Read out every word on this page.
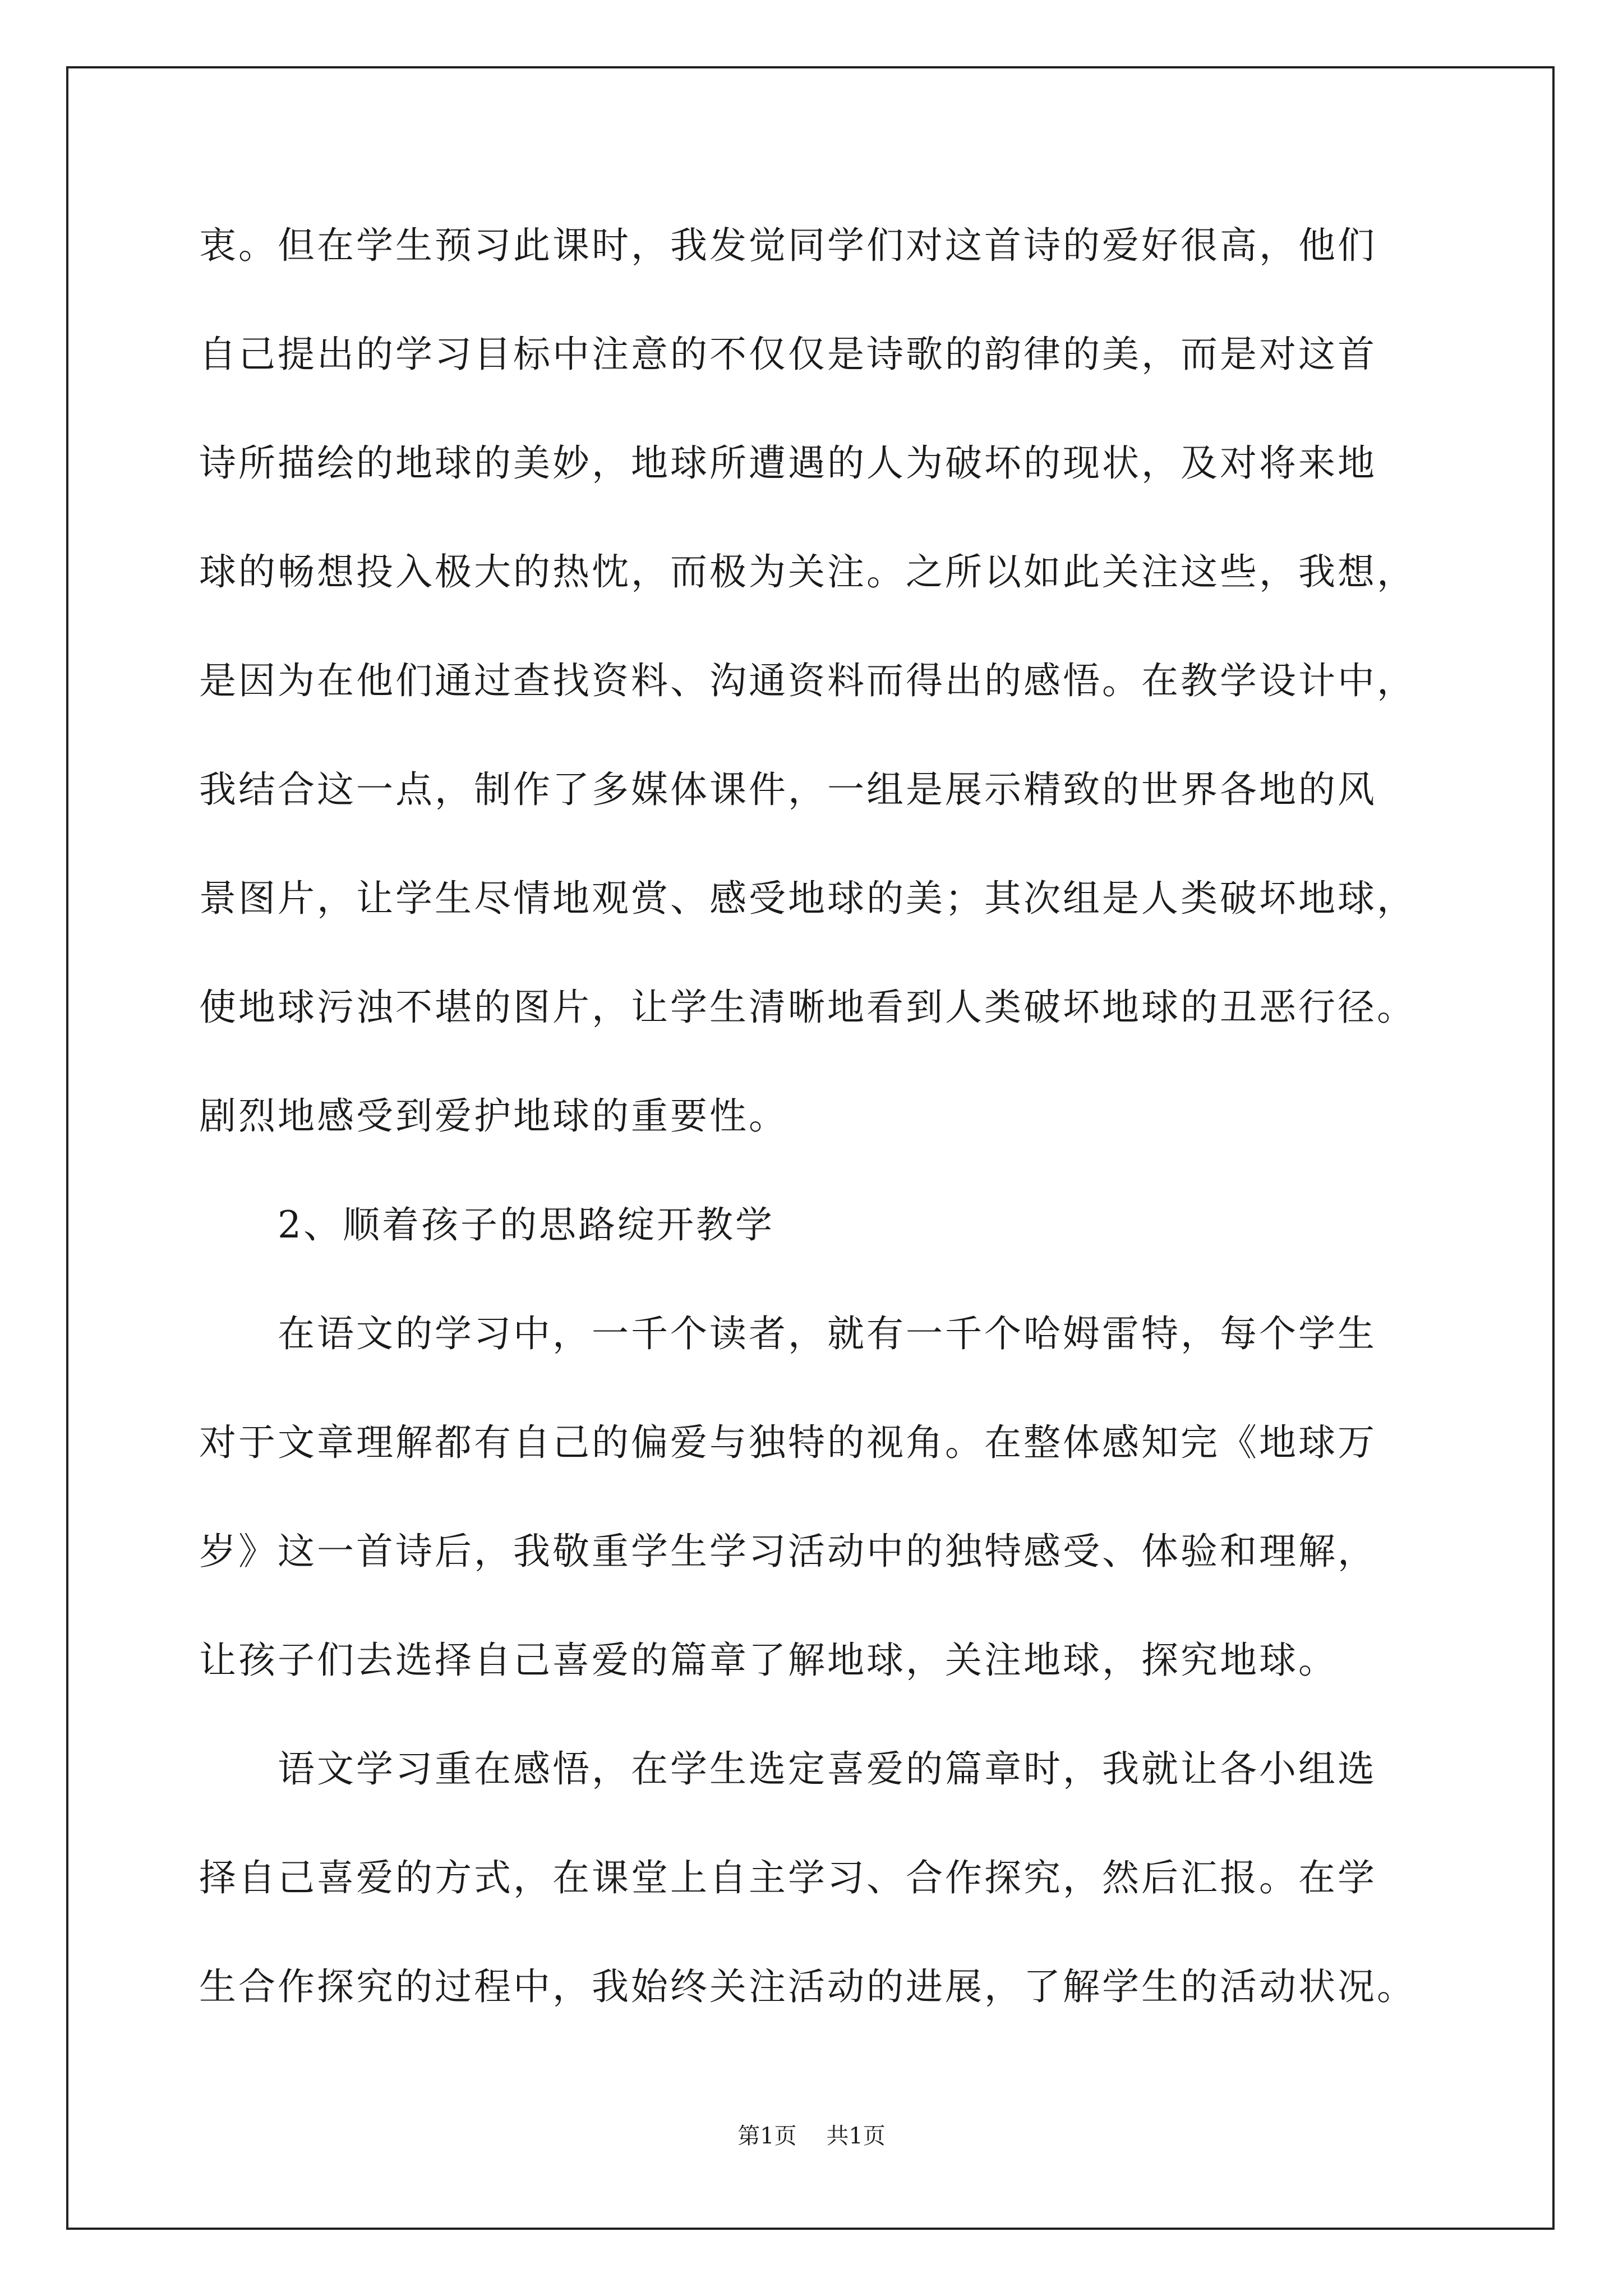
衷。但在学生预习此课时，我发觉同学们对这首诗的爱好很高，他们
自己提出的学习目标中注意的不仅仅是诗歌的韵律的美，而是对这首
诗所描绘的地球的美妙，地球所遭遇的人为破坏的现状，及对将来地
球的畅想投入极大的热忱，而极为关注。之所以如此关注这些，我想，
是因为在他们通过查找资料、沟通资料而得出的感悟。在教学设计中，
我结合这一点，制作了多媒体课件，一组是展示精致的世界各地的风
景图片，让学生尽情地观赏、感受地球的美；其次组是人类破坏地球，
使地球污浊不堪的图片，让学生清晰地看到人类破坏地球的丑恶行径。
剧烈地感受到爱护地球的重要性。
2、顺着孩子的思路绽开教学
在语文的学习中，一千个读者，就有一千个哈姆雷特，每个学生
对于文章理解都有自己的偏爱与独特的视角。在整体感知完《地球万
岁》这一首诗后，我敬重学生学习活动中的独特感受、体验和理解，
让孩子们去选择自己喜爱的篇章了解地球，关注地球，探究地球。
语文学习重在感悟，在学生选定喜爱的篇章时，我就让各小组选
择自己喜爱的方式，在课堂上自主学习、合作探究，然后汇报。在学
生合作探究的过程中，我始终关注活动的进展，了解学生的活动状况。
第1页 共1页
